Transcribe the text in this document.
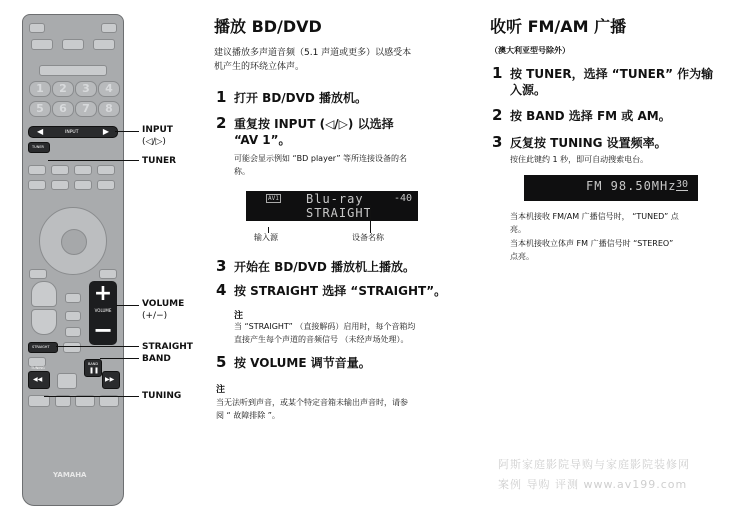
1	2	3	4
5	6	7	8
◀	INPUT	▶
TUNER
+
VOLUME
−
STRAIGHT
BAND
❚❚
◀◀	▶▶
TUNING
YAMAHA
INPUT
(◁/▷)
TUNER
VOLUME
(+/−)
STRAIGHT
BAND
TUNING
播放 BD/DVD
建议播放多声道音频（5.1 声道或更多）以感受本
机产生的环绕立体声。
1 打开 BD/DVD 播放机。
2 重复按 INPUT (◁/▷) 以选择
“AV 1”。
可能会显示例如 “BD player” 等所连接设备的名
称。
AV1 Blu-ray
STRAIGHT
-40
输入源	设备名称
3 开始在 BD/DVD 播放机上播放。
4 按 STRAIGHT 选择 “STRAIGHT”。
注
当 “STRAIGHT” （直接解码）启用时，每个音箱均
直接产生每个声道的音频信号 （未经声场处理）。
5 按 VOLUME 调节音量。
注
当无法听到声音，或某个特定音箱未输出声音时，请参
阅 “ 故障排除 ”。
收听 FM/AM 广播
（澳大利亚型号除外）
1 按 TUNER，选择 “TUNER” 作为输
入源。
2 按 BAND 选择 FM 或 AM。
3 反复按 TUNING 设置频率。
按住此键约 1 秒，即可自动搜索电台。
FM 98.50MHz 30
当本机接收 FM/AM 广播信号时， “TUNED” 点
亮。
当本机接收立体声 FM 广播信号时 “STEREO”
点亮。
阿斯家庭影院导购与家庭影院装修网
案例 导购 评测 www.av199.com
